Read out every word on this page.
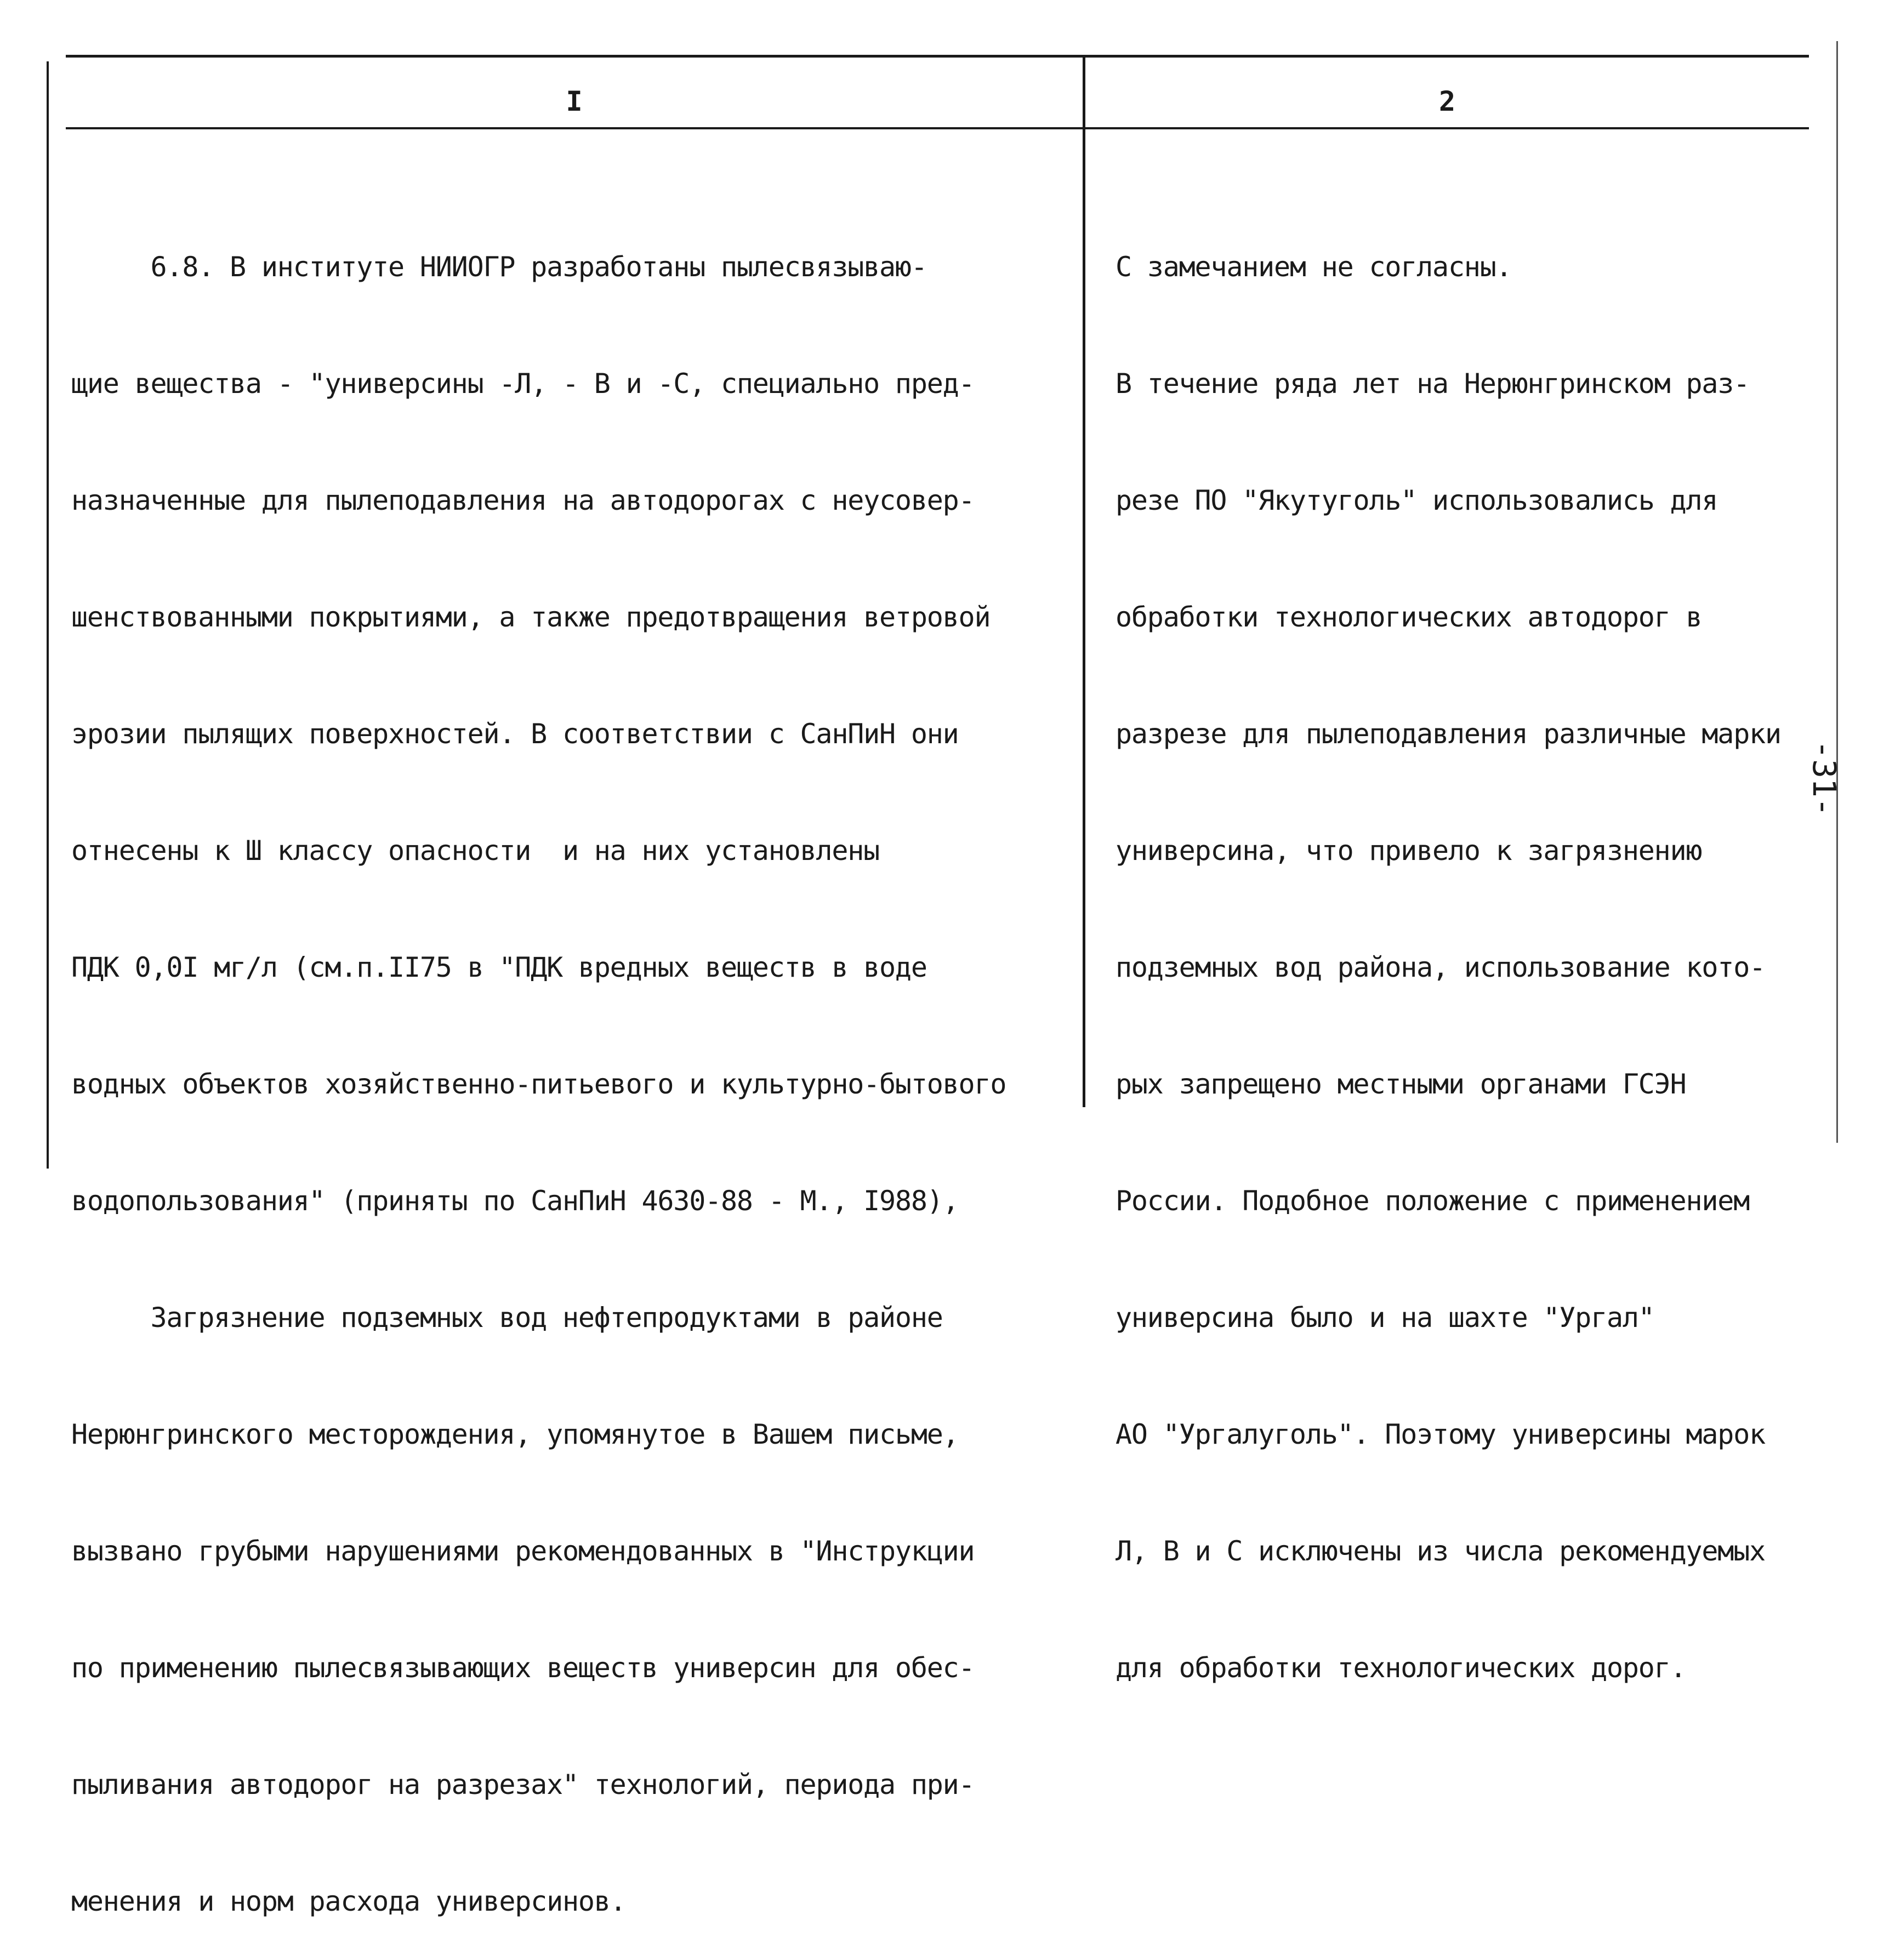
I	2

6.8. В институте НИИОГР разработаны пылесвязываю-

щие вещества - "универсины -Л, - В и -С, специально пред-

назначенные для пылеподавления на автодорогах с неусовер-

шенствованными покрытиями, а также предотвращения ветровой

эрозии пылящих поверхностей. В соответствии с СанПиН они

отнесены к Ш классу опасности  и на них установлены

ПДК 0,0I мг/л (см.п.II75 в "ПДК вредных веществ в воде

водных объектов хозяйственно-питьевого и культурно-бытового

водопользования" (приняты по СанПиН 4630-88 - М., I988),

Загрязнение подземных вод нефтепродуктами в районе

Нерюнгринского месторождения, упомянутое в Вашем письме,

вызвано грубыми нарушениями рекомендованных в "Инструкции

по применению пылесвязывающих веществ универсин для обес-

пыливания автодорог на разрезах" технологий, периода при-

менения и норм расхода универсинов.

С замечанием не согласны.

В течение ряда лет на Нерюнгринском раз-

резе ПО "Якутуголь" использовались для

обработки технологических автодорог в

разрезе для пылеподавления различные марки

универсина, что привело к загрязнению

подземных вод района, использование кото-

рых запрещено местными органами ГСЭН

России. Подобное положение с применением

универсина было и на шахте "Ургал"

АО "Ургалуголь". Поэтому универсины марок

Л, В и С исключены из числа рекомендуемых

для обработки технологических дорог.

-31-
